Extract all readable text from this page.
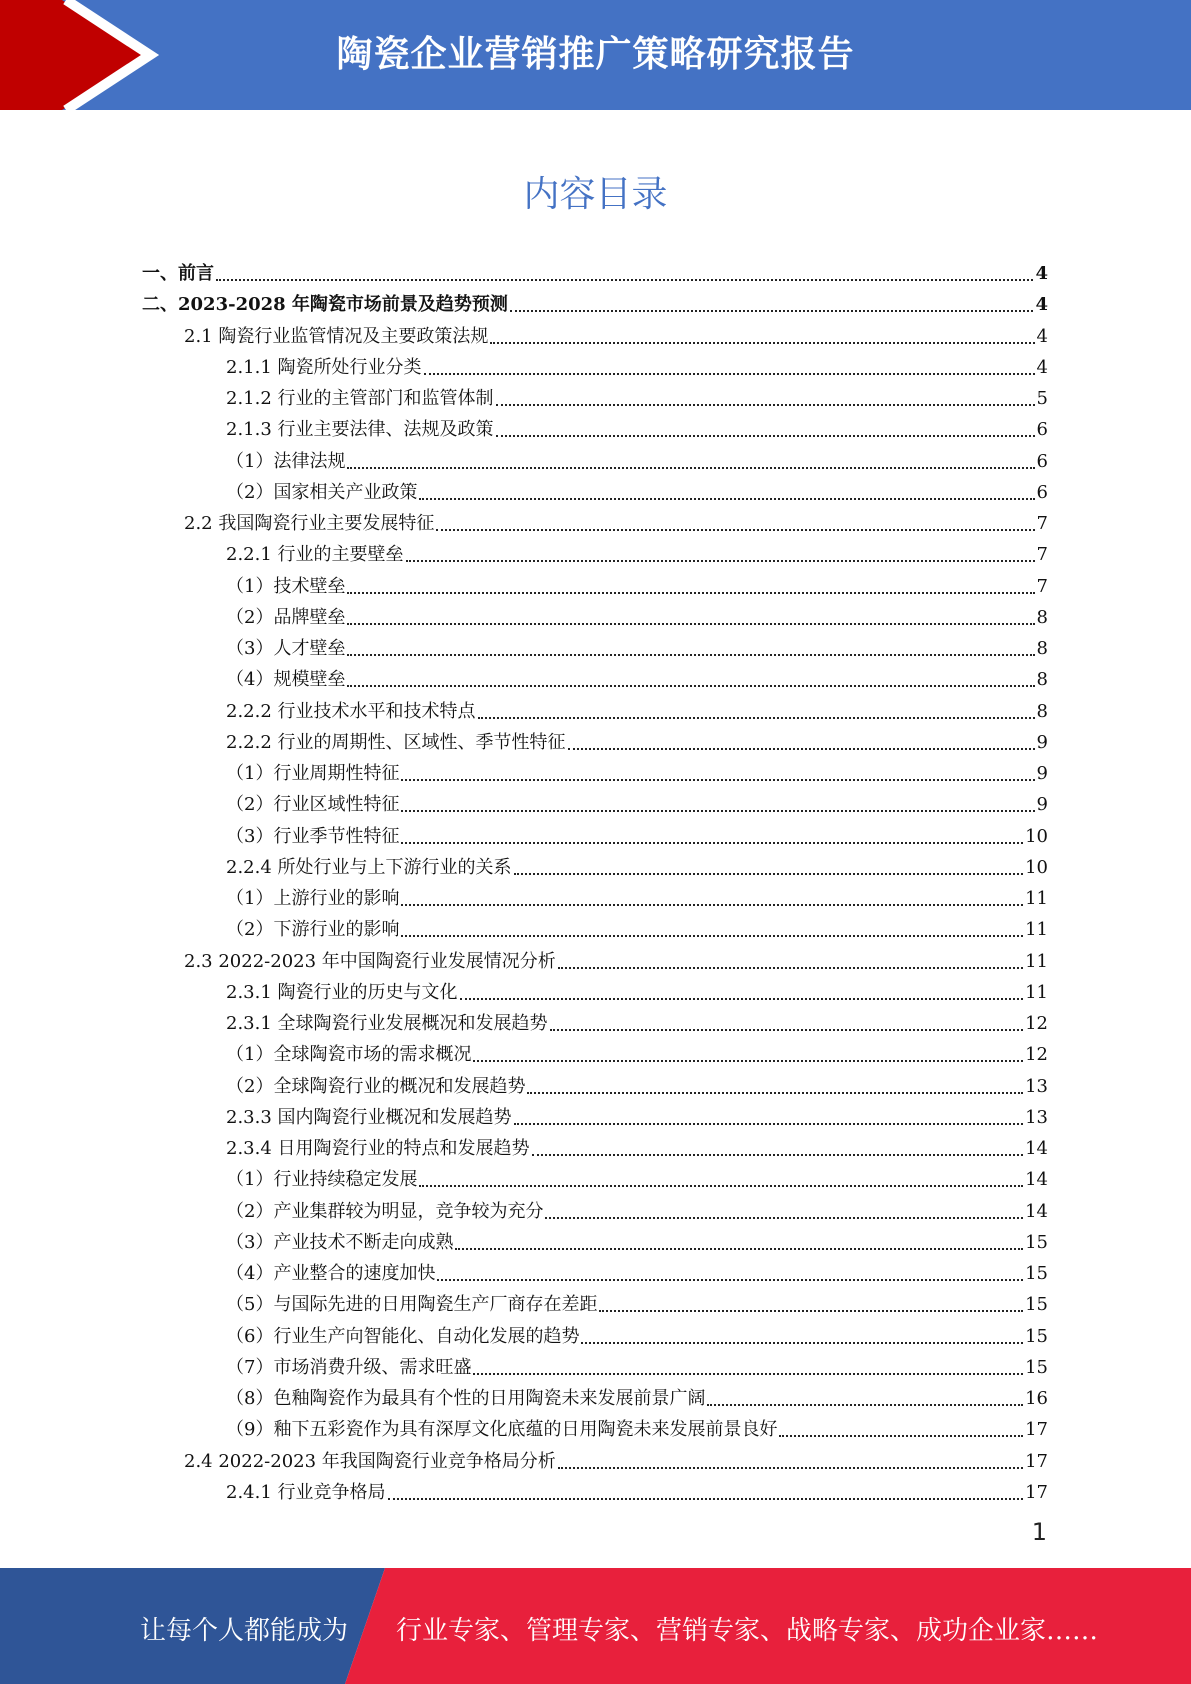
陶瓷企业营销推广策略研究报告
内容目录
一、前言	4
二、2023-2028 年陶瓷市场前景及趋势预测	4
2.1 陶瓷行业监管情况及主要政策法规	4
2.1.1 陶瓷所处行业分类	4
2.1.2 行业的主管部门和监管体制	5
2.1.3 行业主要法律、法规及政策	6
（1）法律法规	6
（2）国家相关产业政策	6
2.2 我国陶瓷行业主要发展特征	7
2.2.1 行业的主要壁垒	7
（1）技术壁垒	7
（2）品牌壁垒	8
（3）人才壁垒	8
（4）规模壁垒	8
2.2.2 行业技术水平和技术特点	8
2.2.2 行业的周期性、区域性、季节性特征	9
（1）行业周期性特征	9
（2）行业区域性特征	9
（3）行业季节性特征	10
2.2.4 所处行业与上下游行业的关系	10
（1）上游行业的影响	11
（2）下游行业的影响	11
2.3 2022-2023 年中国陶瓷行业发展情况分析	11
2.3.1 陶瓷行业的历史与文化	11
2.3.1 全球陶瓷行业发展概况和发展趋势	12
（1）全球陶瓷市场的需求概况	12
（2）全球陶瓷行业的概况和发展趋势	13
2.3.3 国内陶瓷行业概况和发展趋势	13
2.3.4 日用陶瓷行业的特点和发展趋势	14
（1）行业持续稳定发展	14
（2）产业集群较为明显，竞争较为充分	14
（3）产业技术不断走向成熟	15
（4）产业整合的速度加快	15
（5）与国际先进的日用陶瓷生产厂商存在差距	15
（6）行业生产向智能化、自动化发展的趋势	15
（7）市场消费升级、需求旺盛	15
（8）色釉陶瓷作为最具有个性的日用陶瓷未来发展前景广阔	16
（9）釉下五彩瓷作为具有深厚文化底蕴的日用陶瓷未来发展前景良好	17
2.4 2022-2023 年我国陶瓷行业竞争格局分析	17
2.4.1 行业竞争格局	17
1
让每个人都能成为 行业专家、管理专家、营销专家、战略专家、成功企业家……
